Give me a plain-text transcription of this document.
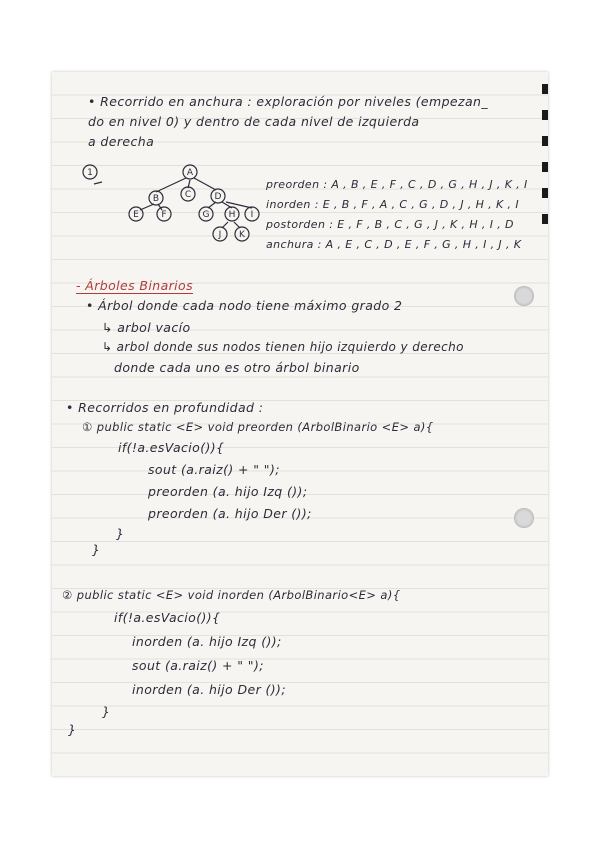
• Recorrido en anchura : exploración por niveles (empezan_
do en nivel 0) y dentro de cada nivel de izquierda
a derecha
1	A
B	C	D
E	F	G H I
J K
preorden : A , B , E , F , C , D , G , H , J , K , I
inorden : E , B , F , A , C , G , D , J , H , K , I
postorden : E , F , B , C , G , J , K , H , I , D
anchura : A , E , C , D , E , F , G , H , I , J , K
- Árboles Binarios
• Árbol donde cada nodo tiene máximo grado 2
↳ arbol vacío
↳ arbol donde sus nodos tienen hijo izquierdo y derecho
donde cada uno es otro árbol binario
• Recorridos en profundidad :
① public static <E> void preorden (ArbolBinario <E> a){
if(!a.esVacio()){
sout (a.raiz() + " ");
preorden (a. hijo Izq ());
preorden (a. hijo Der ());
}
}
② public static <E> void inorden (ArbolBinario<E> a){
if(!a.esVacio()){
inorden (a. hijo Izq ());
sout (a.raiz() + " ");
inorden (a. hijo Der ());
}
}
